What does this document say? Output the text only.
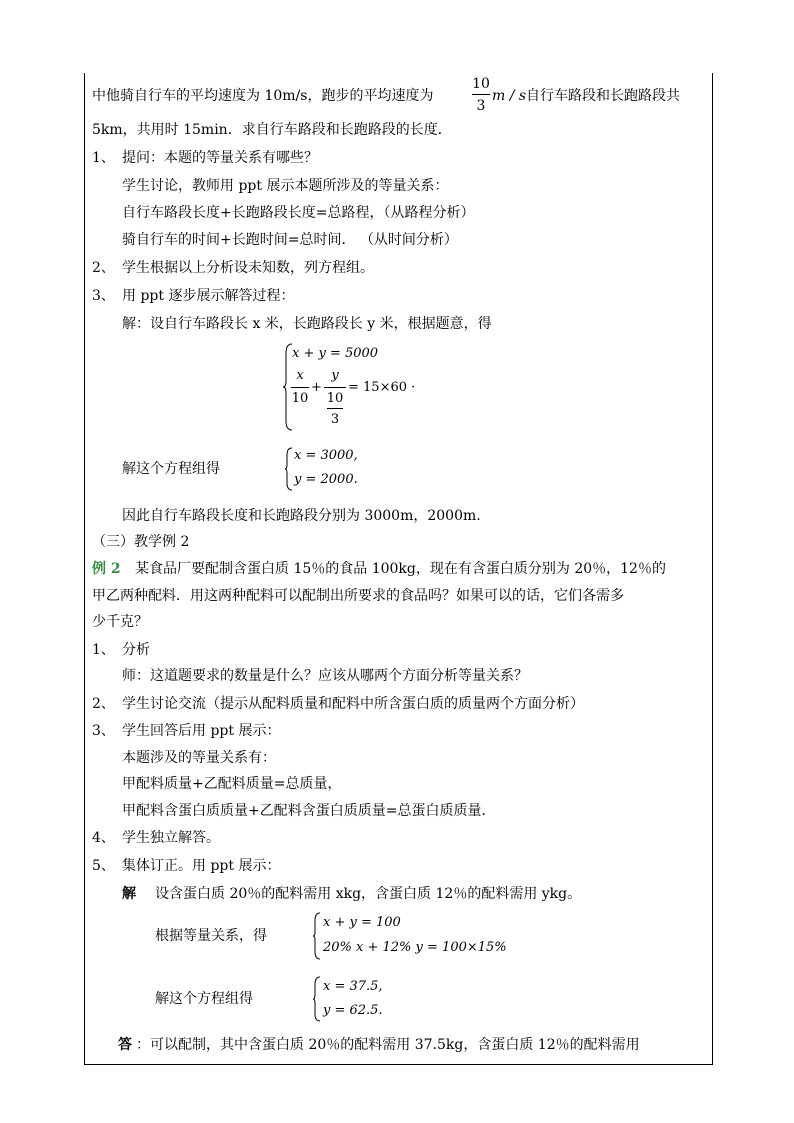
中他骑自行车的平均速度为 10m/s，跑步的平均速度为
10
3
m / s 自行车路段和长跑路段共
5km，共用时 15min．求自行车路段和长跑路段的长度．
1、 提问：本题的等量关系有哪些？
学生讨论，教师用 ppt 展示本题所涉及的等量关系：
自行车路段长度+长跑路段长度=总路程，（从路程分析）
骑自行车的时间+长跑时间=总时间． （从时间分析）
2、 学生根据以上分析设未知数，列方程组。
3、 用 ppt 逐步展示解答过程：
解：设自行车路段长 x 米，长跑路段长 y 米，根据题意，得
x + y = 5000
x
10
+
y
10
3
= 15×60 ·
解这个方程组得
x = 3000,
y = 2000.
因此自行车路段长度和长跑路段分别为 3000m，2000m.
（三）教学例 2
例 2 某食品厂要配制含蛋白质 15％的食品 100kg，现在有含蛋白质分别为 20％，12％的
甲乙两种配料．用这两种配料可以配制出所要求的食品吗？如果可以的话，它们各需多
少千克？
1、 分析
师：这道题要求的数量是什么？应该从哪两个方面分析等量关系？
2、 学生讨论交流（提示从配料质量和配料中所含蛋白质的质量两个方面分析）
3、 学生回答后用 ppt 展示：
本题涉及的等量关系有：
甲配料质量+乙配料质量=总质量，
甲配料含蛋白质质量+乙配料含蛋白质质量=总蛋白质质量．
4、 学生独立解答。
5、 集体订正。用 ppt 展示：
解 设含蛋白质 20％的配料需用 xkg，含蛋白质 12％的配料需用 ykg。
根据等量关系，得
x + y = 100
20% x + 12% y = 100×15%
解这个方程组得
x = 37.5,
y = 62.5.
答 ：可以配制，其中含蛋白质 20％的配料需用 37.5kg，含蛋白质 12％的配料需用
